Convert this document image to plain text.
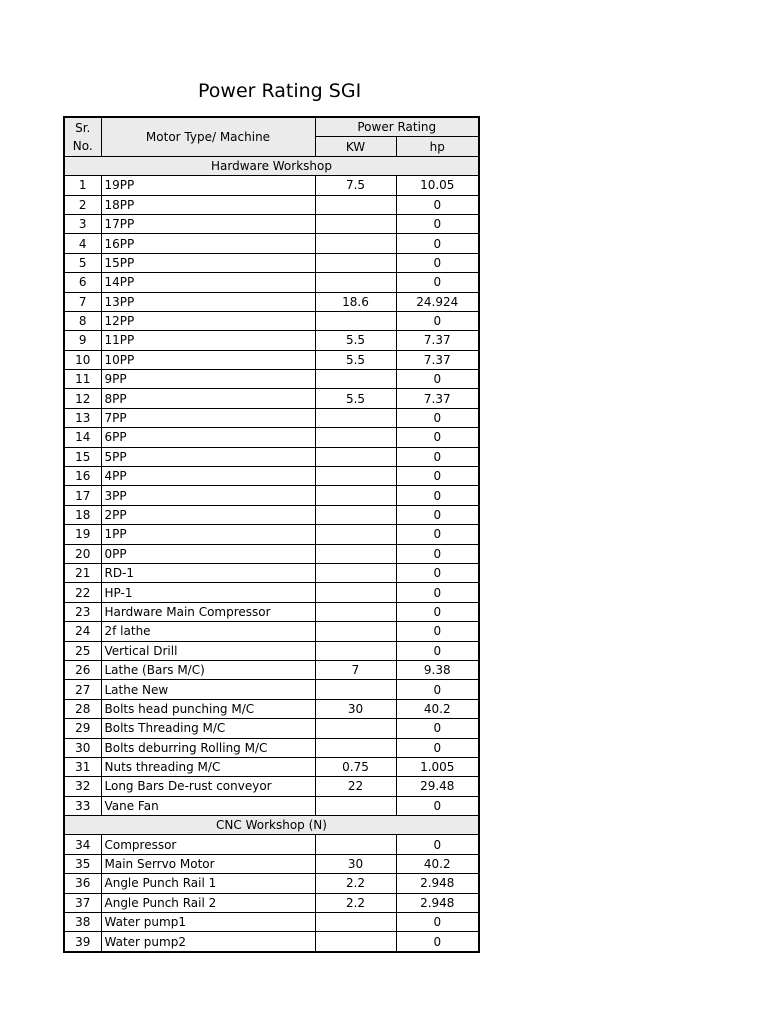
Power Rating SGI
Sr. No.	Motor Type/ Machine	Power Rating	
		KW	hp
Hardware Workshop			
1	19PP	7.5	10.05
2	18PP		0
3	17PP		0
4	16PP		0
5	15PP		0
6	14PP		0
7	13PP	18.6	24.924
8	12PP		0
9	11PP	5.5	7.37
10	10PP	5.5	7.37
11	9PP		0
12	8PP	5.5	7.37
13	7PP		0
14	6PP		0
15	5PP		0
16	4PP		0
17	3PP		0
18	2PP		0
19	1PP		0
20	0PP		0
21	RD-1		0
22	HP-1		0
23	Hardware Main Compressor		0
24	2f lathe		0
25	Vertical Drill		0
26	Lathe (Bars M/C)	7	9.38
27	Lathe New		0
28	Bolts head punching M/C	30	40.2
29	Bolts Threading M/C		0
30	Bolts deburring Rolling M/C		0
31	Nuts threading M/C	0.75	1.005
32	Long Bars De-rust conveyor	22	29.48
33	Vane Fan		0
CNC Workshop (N)			
34	Compressor		0
35	Main Serrvo Motor	30	40.2
36	Angle Punch Rail 1	2.2	2.948
37	Angle Punch Rail 2	2.2	2.948
38	Water pump1		0
39	Water pump2		0
